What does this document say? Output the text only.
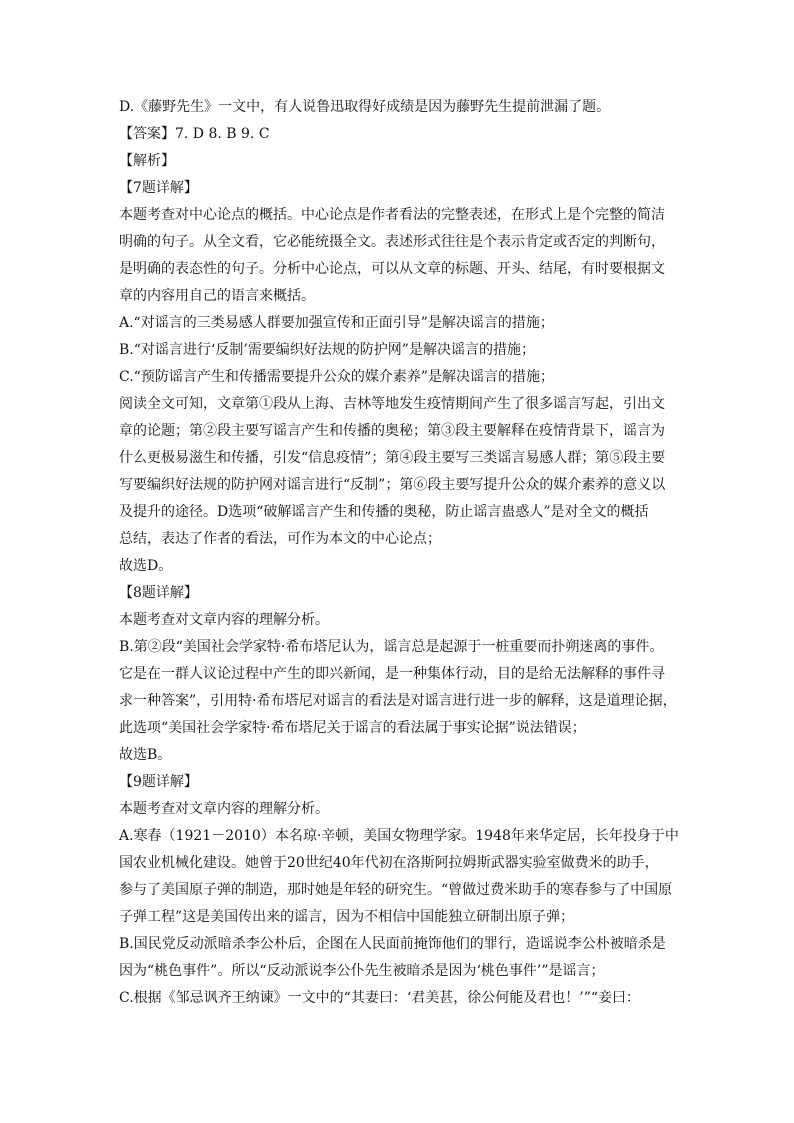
D.《藤野先生》一文中，有人说鲁迅取得好成绩是因为藤野先生提前泄漏了题。
【答案】7. D 8. B 9. C
【解析】
【7题详解】
本题考查对中心论点的概括。中心论点是作者看法的完整表述，在形式上是个完整的简洁
明确的句子。从全文看，它必能统摄全文。表述形式往往是个表示肯定或否定的判断句，
是明确的表态性的句子。分析中心论点，可以从文章的标题、开头、结尾，有时要根据文
章的内容用自己的语言来概括。
A.“对谣言的三类易感人群要加强宣传和正面引导”是解决谣言的措施；
B.“对谣言进行‘反制’需要编织好法规的防护网”是解决谣言的措施；
C.“预防谣言产生和传播需要提升公众的媒介素养”是解决谣言的措施；
阅读全文可知，文章第①段从上海、吉林等地发生疫情期间产生了很多谣言写起，引出文
章的论题；第②段主要写谣言产生和传播的奥秘；第③段主要解释在疫情背景下，谣言为
什么更极易滋生和传播，引发“信息疫情”；第④段主要写三类谣言易感人群；第⑤段主要
写要编织好法规的防护网对谣言进行“反制”；第⑥段主要写提升公众的媒介素养的意义以
及提升的途径。D选项“破解谣言产生和传播的奥秘，防止谣言蛊惑人”是对全文的概括
总结，表达了作者的看法，可作为本文的中心论点；
故选D。
【8题详解】
本题考查对文章内容的理解分析。
B.第②段“美国社会学家特·希布塔尼认为，谣言总是起源于一桩重要而扑朔迷离的事件。
它是在一群人议论过程中产生的即兴新闻，是一种集体行动，目的是给无法解释的事件寻
求一种答案”，引用特·希布塔尼对谣言的看法是对谣言进行进一步的解释，这是道理论据，
此选项“美国社会学家特·希布塔尼关于谣言的看法属于事实论据”说法错误；
故选B。
【9题详解】
本题考查对文章内容的理解分析。
A.寒春（1921－2010）本名琼·辛顿，美国女物理学家。1948年来华定居，长年投身于中
国农业机械化建设。她曾于20世纪40年代初在洛斯阿拉姆斯武器实验室做费米的助手，
参与了美国原子弹的制造，那时她是年轻的研究生。“曾做过费米助手的寒春参与了中国原
子弹工程”这是美国传出来的谣言，因为不相信中国能独立研制出原子弹；
B.国民党反动派暗杀李公朴后，企图在人民面前掩饰他们的罪行，造谣说李公朴被暗杀是
因为“桃色事件”。所以“反动派说李公仆先生被暗杀是因为‘桃色事件’”是谣言；
C.根据《邹忌讽齐王纳谏》一文中的“其妻曰：‘君美甚，徐公何能及君也！’”“妾曰：
